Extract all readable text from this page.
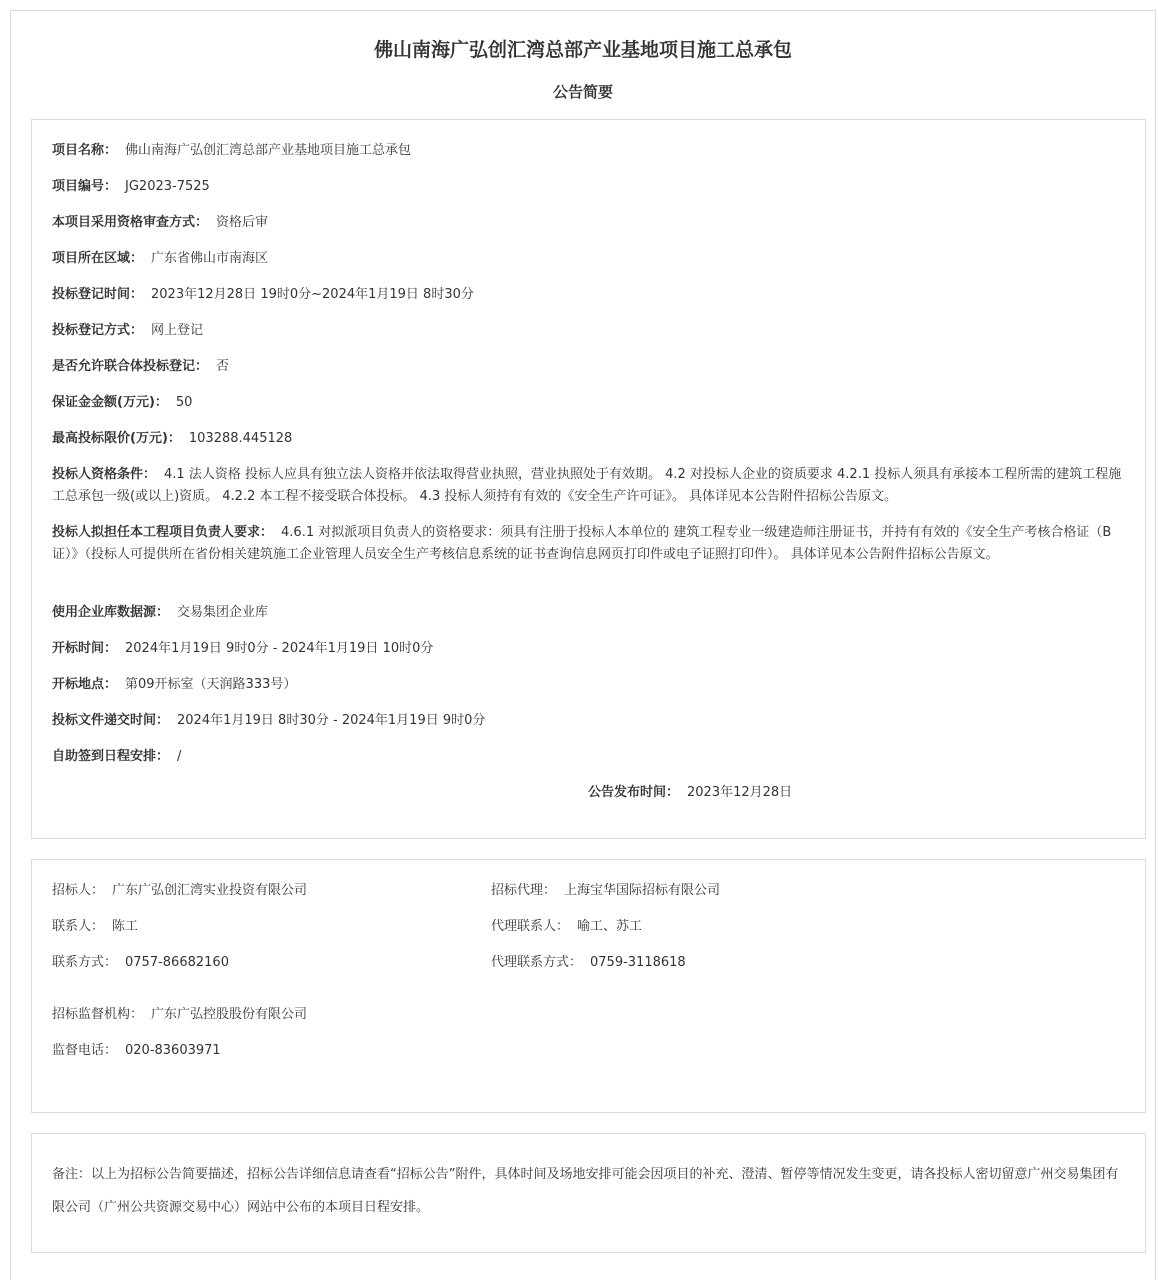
佛山南海广弘创汇湾总部产业基地项目施工总承包
公告简要
项目名称： 佛山南海广弘创汇湾总部产业基地项目施工总承包
项目编号： JG2023-7525
本项目采用资格审查方式： 资格后审
项目所在区域： 广东省佛山市南海区
投标登记时间： 2023年12月28日 19时0分~2024年1月19日 8时30分
投标登记方式： 网上登记
是否允许联合体投标登记： 否
保证金金额(万元)： 50
最高投标限价(万元)： 103288.445128
投标人资格条件： 4.1 法人资格 投标人应具有独立法人资格并依法取得营业执照，营业执照处于有效期。 4.2 对投标人企业的资质要求 4.2.1 投标人须具有承接本工程所需的建筑工程施工总承包一级(或以上)资质。 4.2.2 本工程不接受联合体投标。 4.3 投标人须持有有效的《安全生产许可证》。 具体详见本公告附件招标公告原文。
投标人拟担任本工程项目负责人要求： 4.6.1 对拟派项目负责人的资格要求：须具有注册于投标人本单位的 建筑工程专业一级建造师注册证书，并持有有效的《安全生产考核合格证（B证）》（投标人可提供所在省份相关建筑施工企业管理人员安全生产考核信息系统的证书查询信息网页打印件或电子证照打印件）。 具体详见本公告附件招标公告原文。
使用企业库数据源： 交易集团企业库
开标时间： 2024年1月19日 9时0分 - 2024年1月19日 10时0分
开标地点： 第09开标室（天润路333号）
投标文件递交时间： 2024年1月19日 8时30分 - 2024年1月19日 9时0分
自助签到日程安排： /
公告发布时间： 2023年12月28日
招标人： 广东广弘创汇湾实业投资有限公司
联系人： 陈工
联系方式： 0757-86682160
招标代理： 上海宝华国际招标有限公司
代理联系人： 喻工、苏工
代理联系方式： 0759-3118618
招标监督机构： 广东广弘控股股份有限公司
监督电话： 020-83603971
备注：以上为招标公告简要描述，招标公告详细信息请查看“招标公告”附件，具体时间及场地安排可能会因项目的补充、澄清、暂停等情况发生变更，请各投标人密切留意广州交易集团有限公司（广州公共资源交易中心）网站中公布的本项目日程安排。
